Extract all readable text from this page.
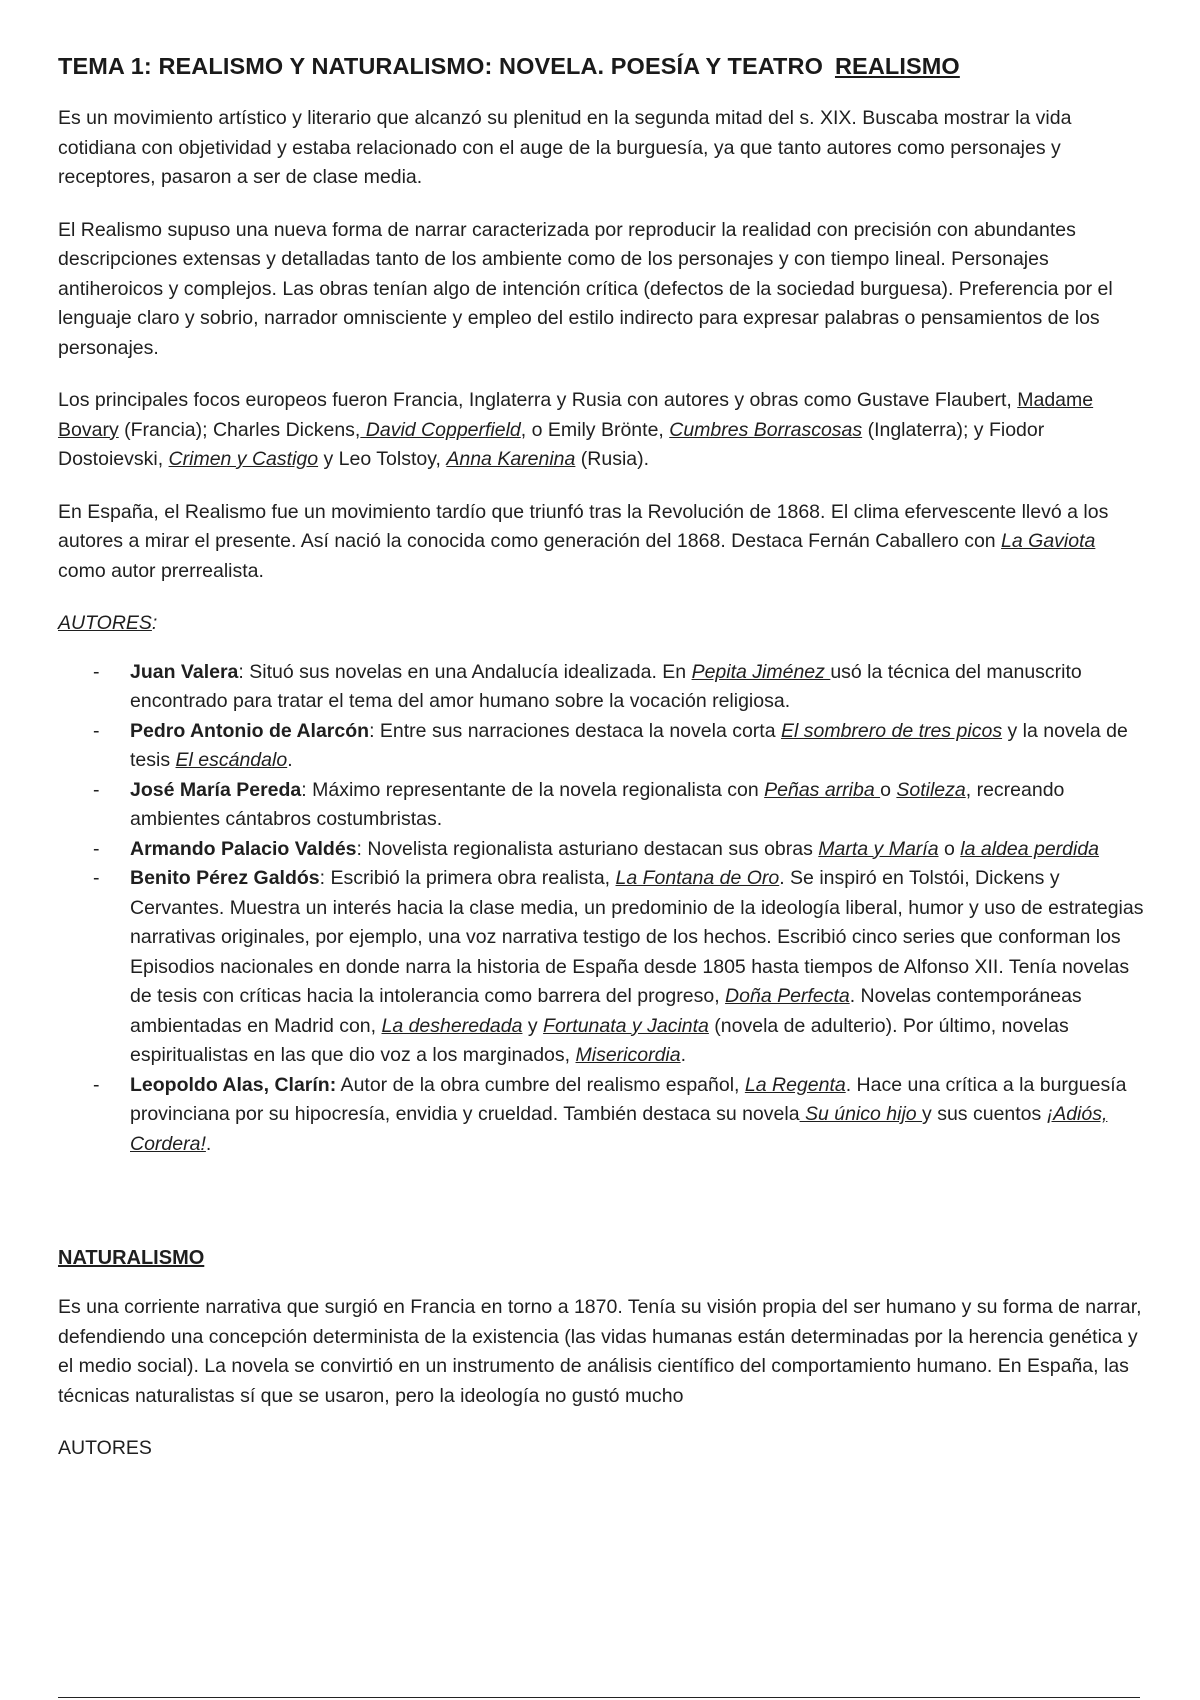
TEMA 1: REALISMO Y NATURALISMO: NOVELA. POESÍA Y TEATRO REALISMO

Es un movimiento artístico y literario que alcanzó su plenitud en la segunda mitad del s. XIX. Buscaba mostrar la vida cotidiana con objetividad y estaba relacionado con el auge de la burguesía, ya que tanto autores como personajes y receptores, pasaron a ser de clase media.

El Realismo supuso una nueva forma de narrar caracterizada por reproducir la realidad con precisión con abundantes descripciones extensas y detalladas tanto de los ambiente como de los personajes y con tiempo lineal. Personajes antiheroicos y complejos. Las obras tenían algo de intención crítica (defectos de la sociedad burguesa). Preferencia por el lenguaje claro y sobrio, narrador omnisciente y empleo del estilo indirecto para expresar palabras o pensamientos de los personajes.

Los principales focos europeos fueron Francia, Inglaterra y Rusia con autores y obras como Gustave Flaubert, Madame Bovary (Francia); Charles Dickens, David Copperfield, o Emily Brönte, Cumbres Borrascosas (Inglaterra); y Fiodor Dostoievski, Crimen y Castigo y Leo Tolstoy, Anna Karenina (Rusia).

En España, el Realismo fue un movimiento tardío que triunfó tras la Revolución de 1868. El clima efervescente llevó a los autores a mirar el presente. Así nació la conocida como generación del 1868. Destaca Fernán Caballero con La Gaviota como autor prerrealista.

AUTORES:

- Juan Valera: Situó sus novelas en una Andalucía idealizada. En Pepita Jiménez usó la técnica del manuscrito encontrado para tratar el tema del amor humano sobre la vocación religiosa.
- Pedro Antonio de Alarcón: Entre sus narraciones destaca la novela corta El sombrero de tres picos y la novela de tesis El escándalo.
- José María Pereda: Máximo representante de la novela regionalista con Peñas arriba o Sotileza, recreando ambientes cántabros costumbristas.
- Armando Palacio Valdés: Novelista regionalista asturiano destacan sus obras Marta y María o la aldea perdida
- Benito Pérez Galdós: Escribió la primera obra realista, La Fontana de Oro. Se inspiró en Tolstói, Dickens y Cervantes. Muestra un interés hacia la clase media, un predominio de la ideología liberal, humor y uso de estrategias narrativas originales, por ejemplo, una voz narrativa testigo de los hechos. Escribió cinco series que conforman los Episodios nacionales en donde narra la historia de España desde 1805 hasta tiempos de Alfonso XII. Tenía novelas de tesis con críticas hacia la intolerancia como barrera del progreso, Doña Perfecta. Novelas contemporáneas ambientadas en Madrid con, La desheredada y Fortunata y Jacinta (novela de adulterio). Por último, novelas espiritualistas en las que dio voz a los marginados, Misericordia.
- Leopoldo Alas, Clarín: Autor de la obra cumbre del realismo español, La Regenta. Hace una crítica a la burguesía provinciana por su hipocresía, envidia y crueldad. También destaca su novela Su único hijo y sus cuentos ¡Adiós, Cordera!.
NATURALISMO

Es una corriente narrativa que surgió en Francia en torno a 1870. Tenía su visión propia del ser humano y su forma de narrar, defendiendo una concepción determinista de la existencia (las vidas humanas están determinadas por la herencia genética y el medio social). La novela se convirtió en un instrumento de análisis científico del comportamiento humano. En España, las técnicas naturalistas sí que se usaron, pero la ideología no gustó mucho

AUTORES
